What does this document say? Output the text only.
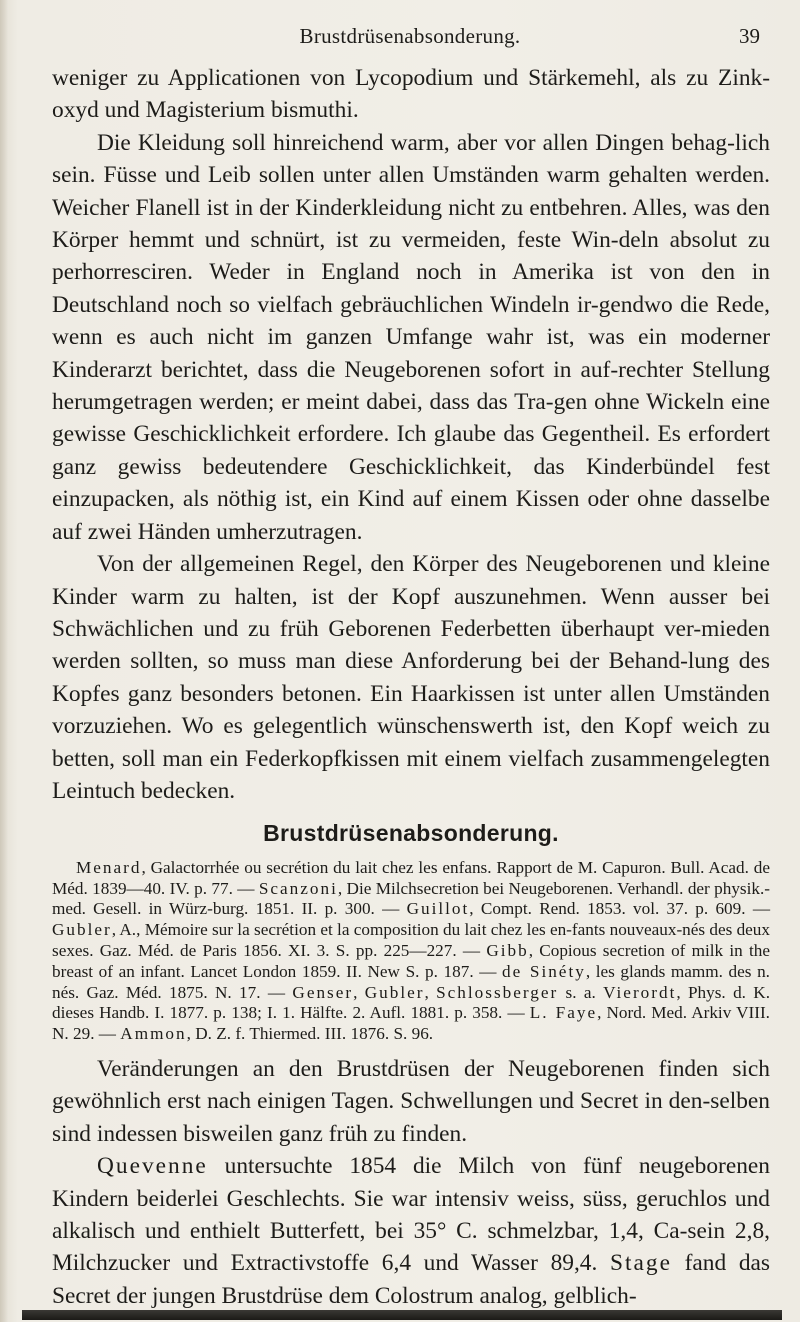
Brustdrüsenabsonderung.	39

weniger zu Applicationen von Lycopodium und Stärkemehl, als zu Zink-oxyd und Magisterium bismuthi.

Die Kleidung soll hinreichend warm, aber vor allen Dingen behag-lich sein. Füsse und Leib sollen unter allen Umständen warm gehalten werden. Weicher Flanell ist in der Kinderkleidung nicht zu entbehren. Alles, was den Körper hemmt und schnürt, ist zu vermeiden, feste Win-deln absolut zu perhorresciren. Weder in England noch in Amerika ist von den in Deutschland noch so vielfach gebräuchlichen Windeln ir-gendwo die Rede, wenn es auch nicht im ganzen Umfange wahr ist, was ein moderner Kinderarzt berichtet, dass die Neugeborenen sofort in auf-rechter Stellung herumgetragen werden; er meint dabei, dass das Tra-gen ohne Wickeln eine gewisse Geschicklichkeit erfordere. Ich glaube das Gegentheil. Es erfordert ganz gewiss bedeutendere Geschicklichkeit, das Kinderbündel fest einzupacken, als nöthig ist, ein Kind auf einem Kissen oder ohne dasselbe auf zwei Händen umherzutragen.

Von der allgemeinen Regel, den Körper des Neugeborenen und kleine Kinder warm zu halten, ist der Kopf auszunehmen. Wenn ausser bei Schwächlichen und zu früh Geborenen Federbetten überhaupt ver-mieden werden sollten, so muss man diese Anforderung bei der Behand-lung des Kopfes ganz besonders betonen. Ein Haarkissen ist unter allen Umständen vorzuziehen. Wo es gelegentlich wünschenswerth ist, den Kopf weich zu betten, soll man ein Federkopfkissen mit einem vielfach zusammengelegten Leintuch bedecken.

Brustdrüsenabsonderung.

Menard, Galactorrhée ou secrétion du lait chez les enfans. Rapport de M. Capuron. Bull. Acad. de Méd. 1839—40. IV. p. 77. — Scanzoni, Die Milchsecretion bei Neugeborenen. Verhandl. der physik.-med. Gesell. in Würz-burg. 1851. II. p. 300. — Guillot, Compt. Rend. 1853. vol. 37. p. 609. — Gubler, A., Mémoire sur la secrétion et la composition du lait chez les en-fants nouveaux-nés des deux sexes. Gaz. Méd. de Paris 1856. XI. 3. S. pp. 225—227. — Gibb, Copious secretion of milk in the breast of an infant. Lancet London 1859. II. New S. p. 187. — de Sinéty, les glands mamm. des n. nés. Gaz. Méd. 1875. N. 17. — Genser, Gubler, Schlossberger s. a. Vierordt, Phys. d. K. dieses Handb. I. 1877. p. 138; I. 1. Hälfte. 2. Aufl. 1881. p. 358. — L. Faye, Nord. Med. Arkiv VIII. N. 29. — Ammon, D. Z. f. Thiermed. III. 1876. S. 96.

Veränderungen an den Brustdrüsen der Neugeborenen finden sich gewöhnlich erst nach einigen Tagen. Schwellungen und Secret in den-selben sind indessen bisweilen ganz früh zu finden.

Quevenne untersuchte 1854 die Milch von fünf neugeborenen Kindern beiderlei Geschlechts. Sie war intensiv weiss, süss, geruchlos und alkalisch und enthielt Butterfett, bei 35° C. schmelzbar, 1,4, Ca-sein 2,8, Milchzucker und Extractivstoffe 6,4 und Wasser 89,4. Stage fand das Secret der jungen Brustdrüse dem Colostrum analog, gelblich-
